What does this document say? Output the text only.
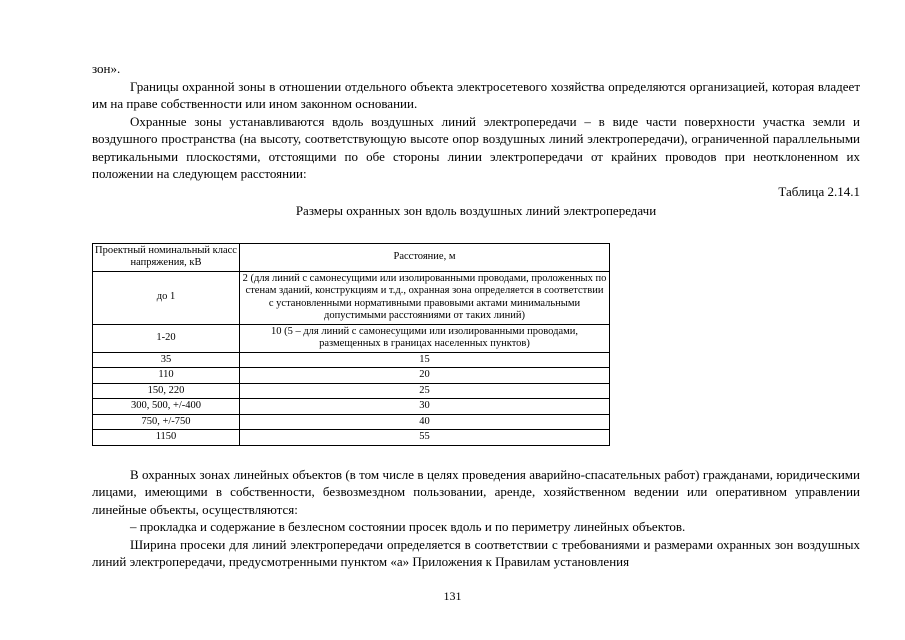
зон».

Границы охранной зоны в отношении отдельного объекта электросетевого хозяйства определяются организацией, которая владеет им на праве собственности или ином законном основании.

Охранные зоны устанавливаются вдоль воздушных линий электропередачи – в виде части поверхности участка земли и воздушного пространства (на высоту, соответствующую высоте опор воздушных линий электропередачи), ограниченной параллельными вертикальными плоскостями, отстоящими по обе стороны линии электропередачи от крайних проводов при неотклоненном их положении на следующем расстоянии:

Таблица 2.14.1

Размеры охранных зон вдоль воздушных линий электропередачи

Проектный номинальный класс напряжения, кВ	Расстояние, м
до 1	2 (для линий с самонесущими или изолированными проводами, проложенных по стенам зданий, конструкциям и т.д., охранная зона определяется в соответствии с установленными нормативными правовыми актами минимальными допустимыми расстояниями от таких линий)
1-20	10 (5 – для линий с самонесущими или изолированными проводами, размещенных в границах населенных пунктов)
35	15
110	20
150, 220	25
300, 500, +/-400	30
750, +/-750	40
1150	55

В охранных зонах линейных объектов (в том числе в целях проведения аварийно-спасательных работ) гражданами, юридическими лицами, имеющими в собственности, безвозмездном пользовании, аренде, хозяйственном ведении или оперативном управлении линейные объекты, осуществляются:

– прокладка и содержание в безлесном состоянии просек вдоль и по периметру линейных объектов.

Ширина просеки для линий электропередачи определяется в соответствии с требованиями и размерами охранных зон воздушных линий электропередачи, предусмотренными пунктом «а» Приложения к Правилам установления

131
